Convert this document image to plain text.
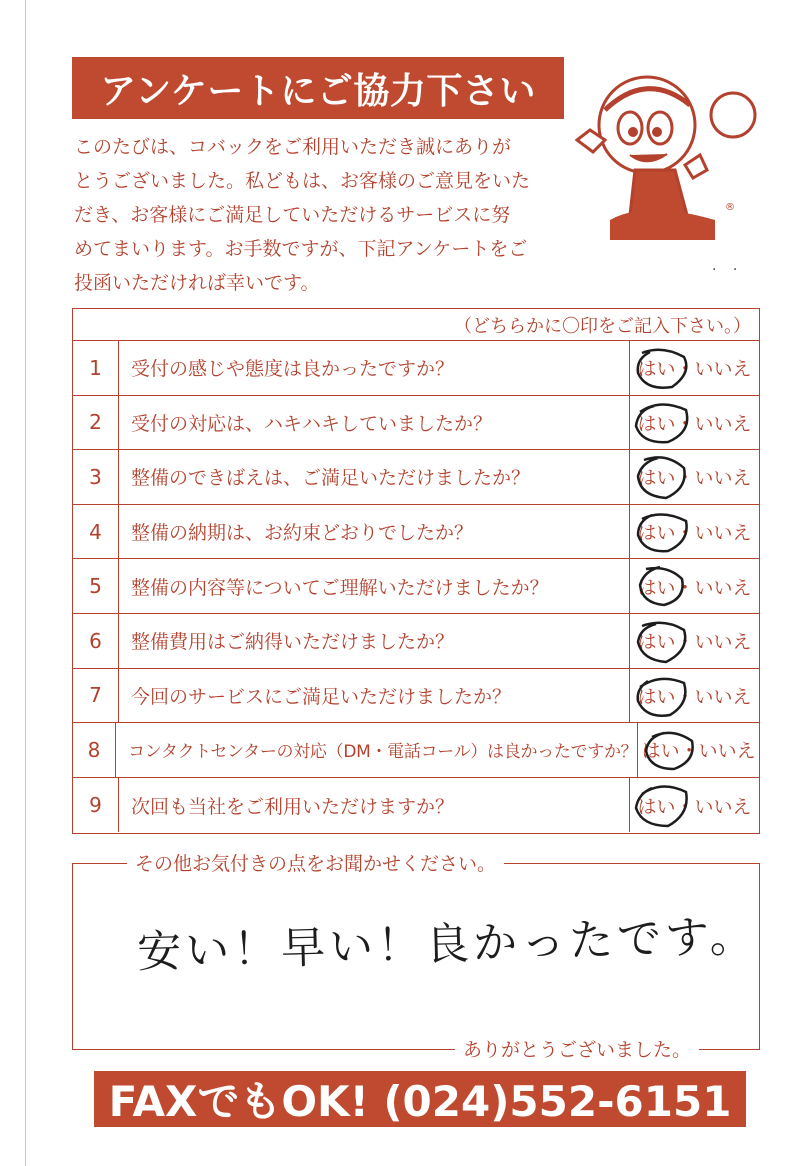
アンケートにご協力下さい
このたびは、コバックをご利用いただき誠にありが
とうございました。私どもは、お客様のご意見をいた
だき、お客様にご満足していただけるサービスに努
めてまいります。お手数ですが、下記アンケートをご
投函いただければ幸いです。
®
· ·
（どちらかに〇印をご記入下さい。）
1	受付の感じや態度は良かったですか？	はい・いいえ
2	受付の対応は、ハキハキしていましたか？	はい・いいえ
3	整備のできばえは、ご満足いただけましたか？	はい・いいえ
4	整備の納期は、お約束どおりでしたか？	はい・いいえ
5	整備の内容等についてご理解いただけましたか？	はい・いいえ
6	整備費用はご納得いただけましたか？	はい・いいえ
7	今回のサービスにご満足いただけましたか？	はい・いいえ
8	コンタクトセンターの対応（DM・電話コール）は良かったですか？ はい・いいえ
9	次回も当社をご利用いただけますか？	はい・いいえ
その他お気付きの点をお聞かせください。
安い！早い！良かったです。
ありがとうございました。
FAXでもOK! (024)552-6151
